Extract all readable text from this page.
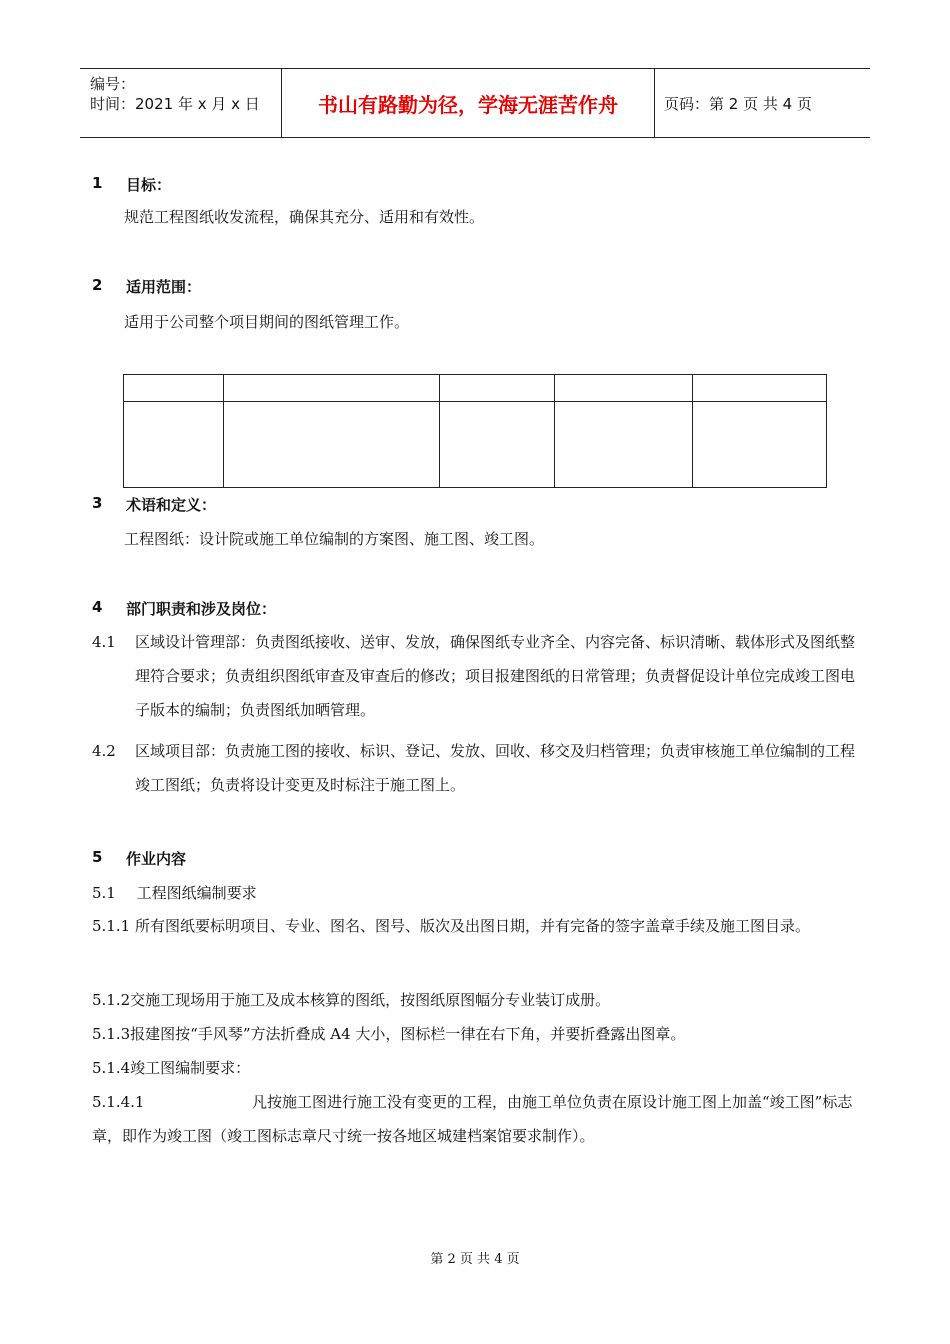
编号：
时间：2021 年 x 月 x 日	书山有路勤为径，学海无涯苦作舟	页码：第 2 页 共 4 页
1 目标：
规范工程图纸收发流程，确保其充分、适用和有效性。
2 适用范围：
适用于公司整个项目期间的图纸管理工作。

3 术语和定义：
工程图纸：设计院或施工单位编制的方案图、施工图、竣工图。
4 部门职责和涉及岗位：
4.1 区域设计管理部：负责图纸接收、送审、发放，确保图纸专业齐全、内容完备、标识清晰、载体形式及图纸整理符合要求；负责组织图纸审查及审查后的修改；项目报建图纸的日常管理；负责督促设计单位完成竣工图电子版本的编制；负责图纸加晒管理。
4.2 区域项目部：负责施工图的接收、标识、登记、发放、回收、移交及归档管理；负责审核施工单位编制的工程竣工图纸；负责将设计变更及时标注于施工图上。
5 作业内容
5.1 工程图纸编制要求
5.1.1 所有图纸要标明项目、专业、图名、图号、版次及出图日期，并有完备的签字盖章手续及施工图目录。
5.1.2交施工现场用于施工及成本核算的图纸，按图纸原图幅分专业装订成册。
5.1.3报建图按“手风琴”方法折叠成 A4 大小，图标栏一律在右下角，并要折叠露出图章。
5.1.4竣工图编制要求：
5.1.4.1	凡按施工图进行施工没有变更的工程，由施工单位负责在原设计施工图上加盖“竣工图”标志章，即作为竣工图（竣工图标志章尺寸统一按各地区城建档案馆要求制作）。
第 2 页 共 4 页
